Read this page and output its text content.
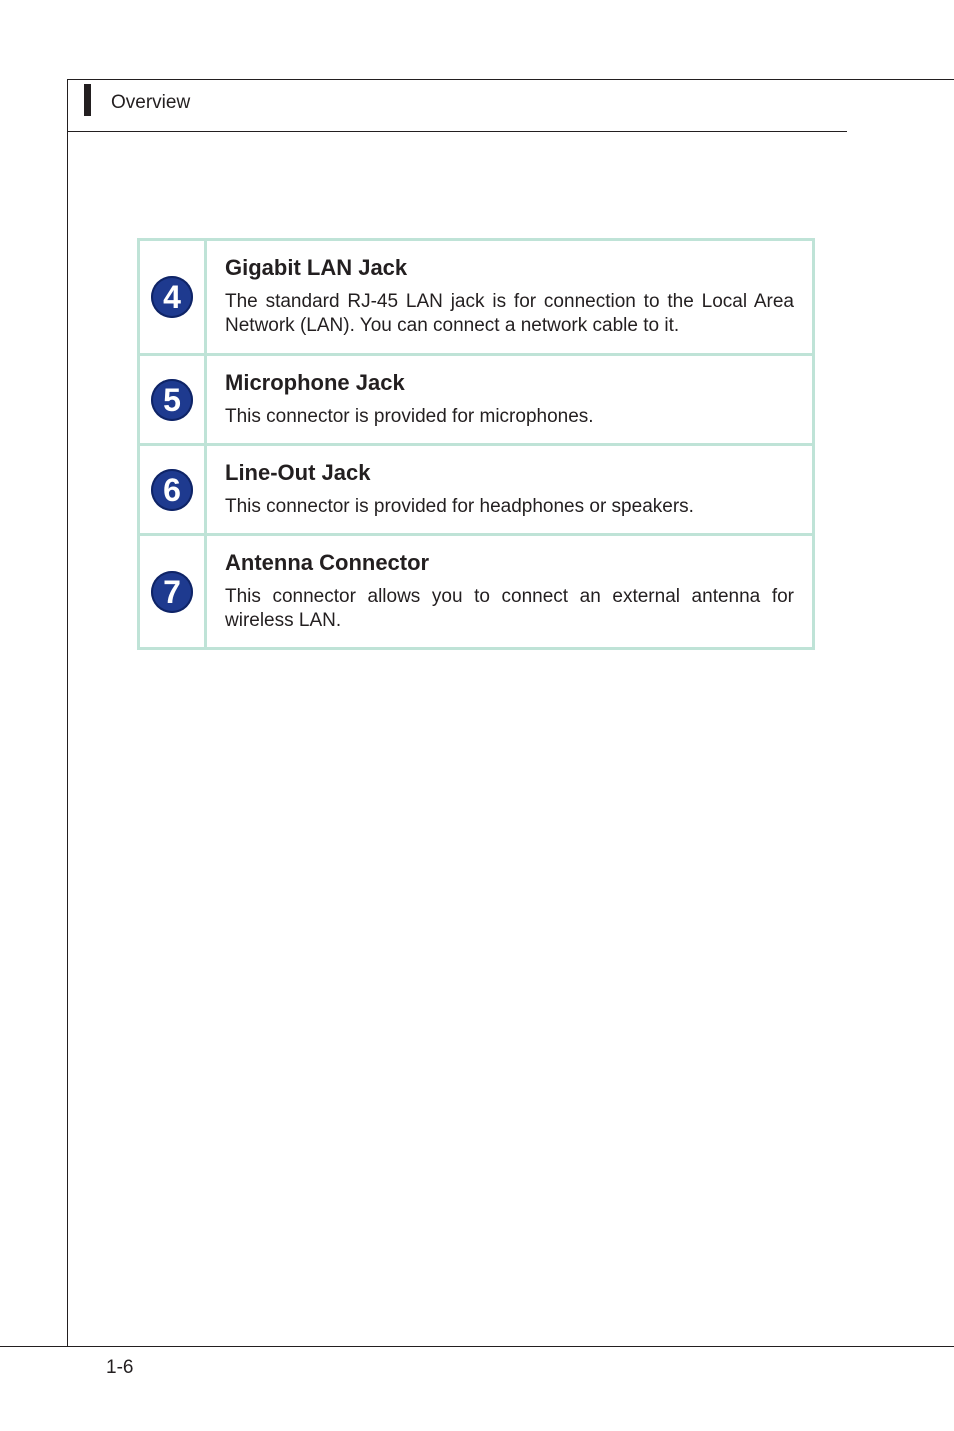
Overview
4	Gigabit LAN Jack

The standard RJ-45 LAN jack is for connection to the Local Area Network (LAN). You can connect a network cable to it.

5	Microphone Jack

This connector is provided for microphones.

6	Line-Out Jack

This connector is provided for headphones or speakers.

7	Antenna Connector

This connector allows you to connect an external antenna for wireless LAN.

1-6
